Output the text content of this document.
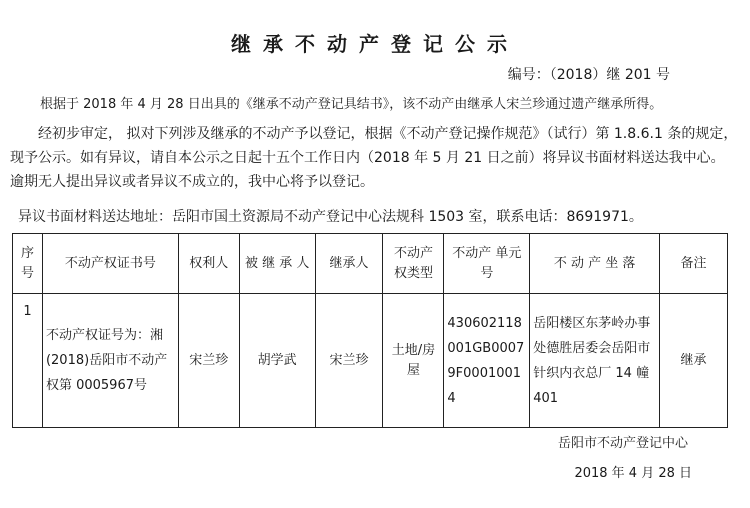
继承不动产登记公示
编号：（2018）继 201 号
根据于 2018 年 4 月 28 日出具的《继承不动产登记具结书》，该不动产由继承人宋兰珍通过遗产继承所得。
  经初步审定， 拟对下列涉及继承的不动产予以登记，根据《不动产登记操作规范》（试行）第 1.8.6.1 条的规定，现予公示。如有异议，请自本公示之日起十五个工作日内（2018 年 5 月 21 日之前）将异议书面材料送达我中心。逾期无人提出异议或者异议不成立的，我中心将予以登记。
异议书面材料送达地址：岳阳市国土资源局不动产登记中心法规科 1503 室，联系电话：8691971。
序号	不动产权证书号	权利人	被 继 承 人	继承人	不动产 权类型	不动产 单元号	不 动 产 坐 落	备注
1	不动产权证号为：湘(2018)岳阳市不动产权第 0005967号	宋兰珍	胡学武	宋兰珍	土地/房屋	430602118001GB00079F00010014	岳阳楼区东茅岭办事处德胜居委会岳阳市针织内衣总厂 14 幢 401	继承
岳阳市不动产登记中心
2018 年 4 月 28 日
